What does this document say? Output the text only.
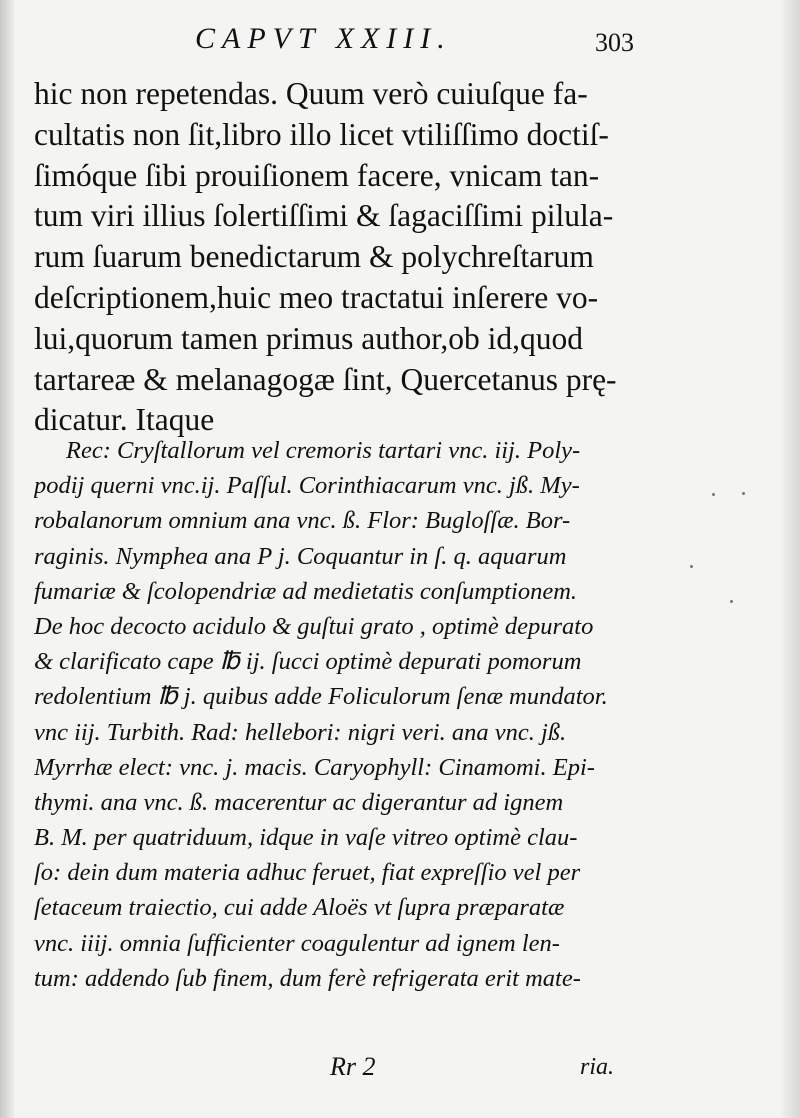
CAPVT XXIII.	303
hic non repetendas. Quum verò cuiuſque fa-
cultatis non ſit,libro illo licet vtiliſſimo doctiſ-
ſimóque ſibi prouiſionem facere, vnicam tan-
tum viri illius ſolertiſſimi & ſagaciſſimi pilula-
rum ſuarum benedictarum & polychreſtarum
deſcriptionem,huic meo tractatui inſerere vo-
lui,quorum tamen primus author,ob id,quod
tartareæ & melanagogæ ſint, Quercetanus prę-
dicatur. Itaque
Rec: Cryſtallorum vel cremoris tartari vnc. iij. Poly-
podij querni vnc.ij. Paſſul. Corinthiacarum vnc. jß. My-
robalanorum omnium ana vnc. ß. Flor: Bugloſſæ. Bor-
raginis. Nymphea ana P j. Coquantur in ſ. q. aquarum
fumariæ & ſcolopendriæ ad medietatis conſumptionem.
De hoc decocto acidulo & guſtui grato , optimè depurato
& clarificato cape ℔ ij. ſucci optimè depurati pomorum
redolentium ℔ j. quibus adde Foliculorum ſenæ mundator.
vnc iij. Turbith. Rad: hellebori: nigri veri. ana vnc. jß.
Myrrhæ elect: vnc. j. macis. Caryophyll: Cinamomi. Epi-
thymi. ana vnc. ß. macerentur ac digerantur ad ignem
B. M. per quatriduum, idque in vaſe vitreo optimè clau-
ſo: dein dum materia adhuc feruet, fiat expreſſio vel per
ſetaceum traiectio, cui adde Aloës vt ſupra præparatæ
vnc. iiij. omnia ſufficienter coagulentur ad ignem len-
tum: addendo ſub finem, dum ferè refrigerata erit mate-
Rr 2	ria.
